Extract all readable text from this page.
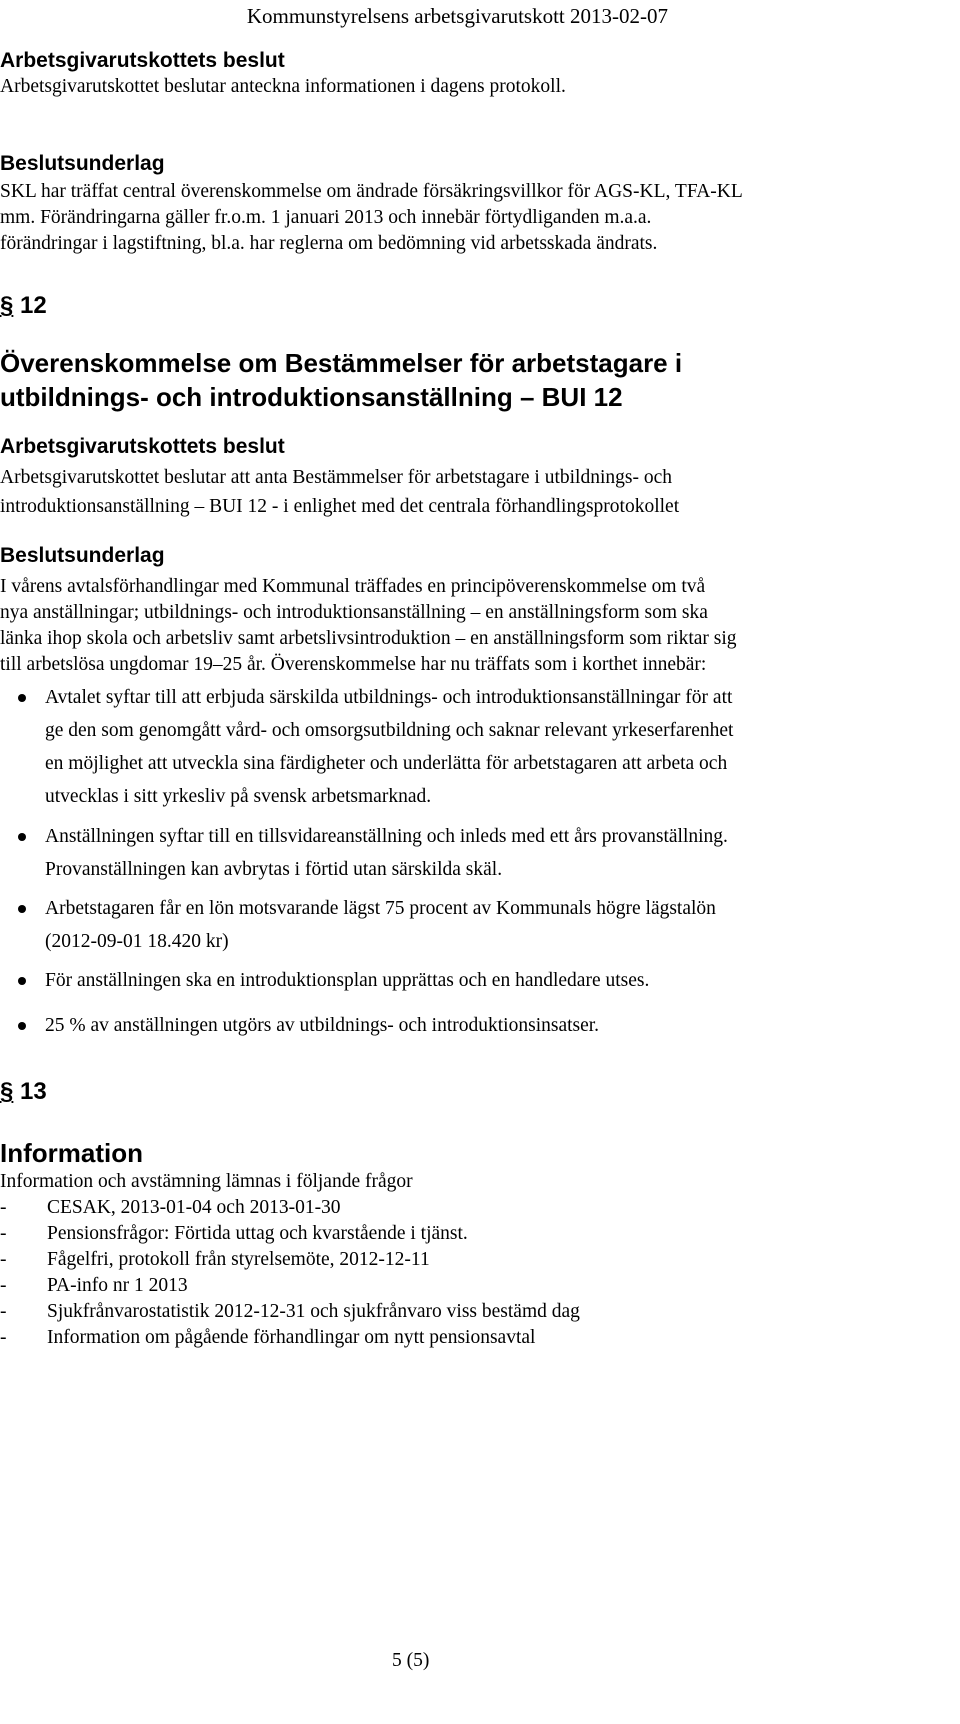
Kommunstyrelsens arbetsgivarutskott 2013-02-07
Arbetsgivarutskottets beslut
Arbetsgivarutskottet beslutar anteckna informationen i dagens protokoll.
Beslutsunderlag
SKL har träffat central överenskommelse om ändrade försäkringsvillkor för AGS-KL, TFA-KL
mm. Förändringarna gäller fr.o.m. 1 januari 2013 och innebär förtydliganden m.a.a.
förändringar i lagstiftning, bl.a. har reglerna om bedömning vid arbetsskada ändrats.
§ 12
Överenskommelse om Bestämmelser för arbetstagare i
utbildnings- och introduktionsanställning – BUI 12
Arbetsgivarutskottets beslut
Arbetsgivarutskottet beslutar att anta Bestämmelser för arbetstagare i utbildnings- och
introduktionsanställning – BUI 12 - i enlighet med det centrala förhandlingsprotokollet
Beslutsunderlag
I vårens avtalsförhandlingar med Kommunal träffades en principöverenskommelse om två
nya anställningar; utbildnings- och introduktionsanställning – en anställningsform som ska
länka ihop skola och arbetsliv samt arbetslivsintroduktion – en anställningsform som riktar sig
till arbetslösa ungdomar 19–25 år. Överenskommelse har nu träffats som i korthet innebär:
Avtalet syftar till att erbjuda särskilda utbildnings- och introduktionsanställningar för att
ge den som genomgått vård- och omsorgsutbildning och saknar relevant yrkeserfarenhet
en möjlighet att utveckla sina färdigheter och underlätta för arbetstagaren att arbeta och
utvecklas i sitt yrkesliv på svensk arbetsmarknad.
Anställningen syftar till en tillsvidareanställning och inleds med ett års provanställning.
Provanställningen kan avbrytas i förtid utan särskilda skäl.
Arbetstagaren får en lön motsvarande lägst 75 procent av Kommunals högre lägstalön
(2012-09-01 18.420 kr)
För anställningen ska en introduktionsplan upprättas och en handledare utses.
25 % av anställningen utgörs av utbildnings- och introduktionsinsatser.
§ 13
Information
Information och avstämning lämnas i följande frågor
- CESAK, 2013-01-04 och 2013-01-30
- Pensionsfrågor: Förtida uttag och kvarstående i tjänst.
- Fågelfri, protokoll från styrelsemöte, 2012-12-11
- PA-info nr 1 2013
- Sjukfrånvarostatistik 2012-12-31 och sjukfrånvaro viss bestämd dag
- Information om pågående förhandlingar om nytt pensionsavtal
5 (5)
